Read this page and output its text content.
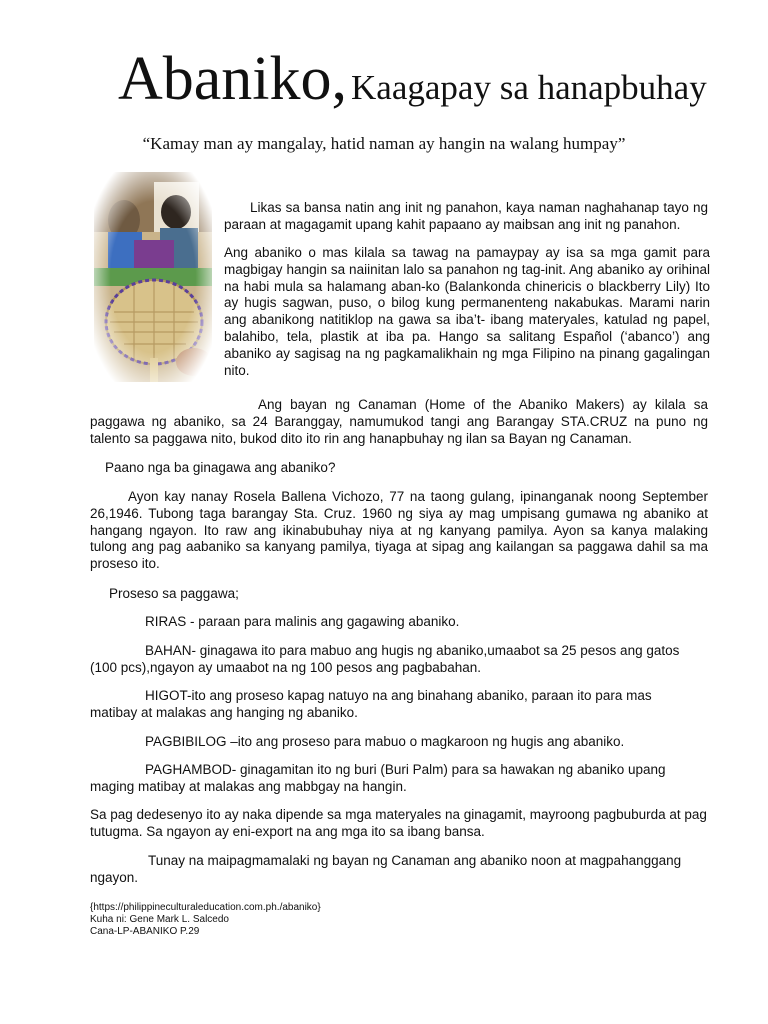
Abaniko, Kaagapay sa hanapbuhay
“Kamay man ay mangalay, hatid naman ay hangin na walang humpay”

Likas sa bansa natin ang init ng panahon, kaya naman naghahanap tayo ng paraan at magagamit upang kahit papaano ay maibsan ang init ng panahon.

Ang abaniko o mas kilala sa tawag na pamaypay ay isa sa mga gamit para magbigay hangin sa naiinitan lalo sa panahon ng tag-init. Ang abaniko ay orihinal na habi mula sa halamang aban-ko (Balankonda chinericis o blackberry Lily) Ito ay hugis sagwan, puso, o bilog kung permanenteng nakabukas. Marami narin ang abanikong natitiklop na gawa sa iba’t- ibang materyales, katulad ng papel, balahibo, tela, plastik at iba pa. Hango sa salitang Español (‘abanco’) ang abaniko ay sagisag na ng pagkamalikhain ng mga Filipino na pinang gagalingan nito.

Ang bayan ng Canaman (Home of the Abaniko Makers) ay kilala sa paggawa ng abaniko, sa 24 Baranggay, namumukod tangi ang Barangay STA.CRUZ na puno ng talento sa paggawa nito, bukod dito ito rin ang hanapbuhay ng ilan sa Bayan ng Canaman.

Paano nga ba ginagawa ang abaniko?

Ayon kay nanay Rosela Ballena Vichozo, 77 na taong gulang, ipinanganak noong September 26,1946. Tubong taga barangay Sta. Cruz. 1960 ng siya ay mag umpisang gumawa ng abaniko at hangang ngayon. Ito raw ang ikinabubuhay niya at ng kanyang pamilya. Ayon sa kanya malaking tulong ang pag aabaniko sa kanyang pamilya, tiyaga at sipag ang kailangan sa paggawa dahil sa ma proseso ito.

Proseso sa paggawa;

RIRAS - paraan para malinis ang gagawing abaniko.

BAHAN- ginagawa ito para mabuo ang hugis ng abaniko,umaabot sa 25 pesos ang gatos (100 pcs),ngayon ay umaabot na ng 100 pesos ang pagbabahan.

HIGOT-ito ang proseso kapag natuyo na ang binahang abaniko, paraan ito para mas matibay at malakas ang hanging ng abaniko.

PAGBIBILOG –ito ang proseso para mabuo o magkaroon ng hugis ang abaniko.

PAGHAMBOD- ginagamitan ito ng buri (Buri Palm) para sa hawakan ng abaniko upang maging matibay at malakas ang mabbgay na hangin.

Sa pag dedesenyo ito ay naka dipende sa mga materyales na ginagamit, mayroong pagbuburda at pag tutugma. Sa ngayon ay eni-export na ang mga ito sa ibang bansa.

Tunay na maipagmamalaki ng bayan ng Canaman ang abaniko noon at magpahanggang ngayon.

{https://philippineculturaleducation.com.ph./abaniko}
Kuha ni: Gene Mark L. Salcedo
Cana-LP-ABANIKO P.29
